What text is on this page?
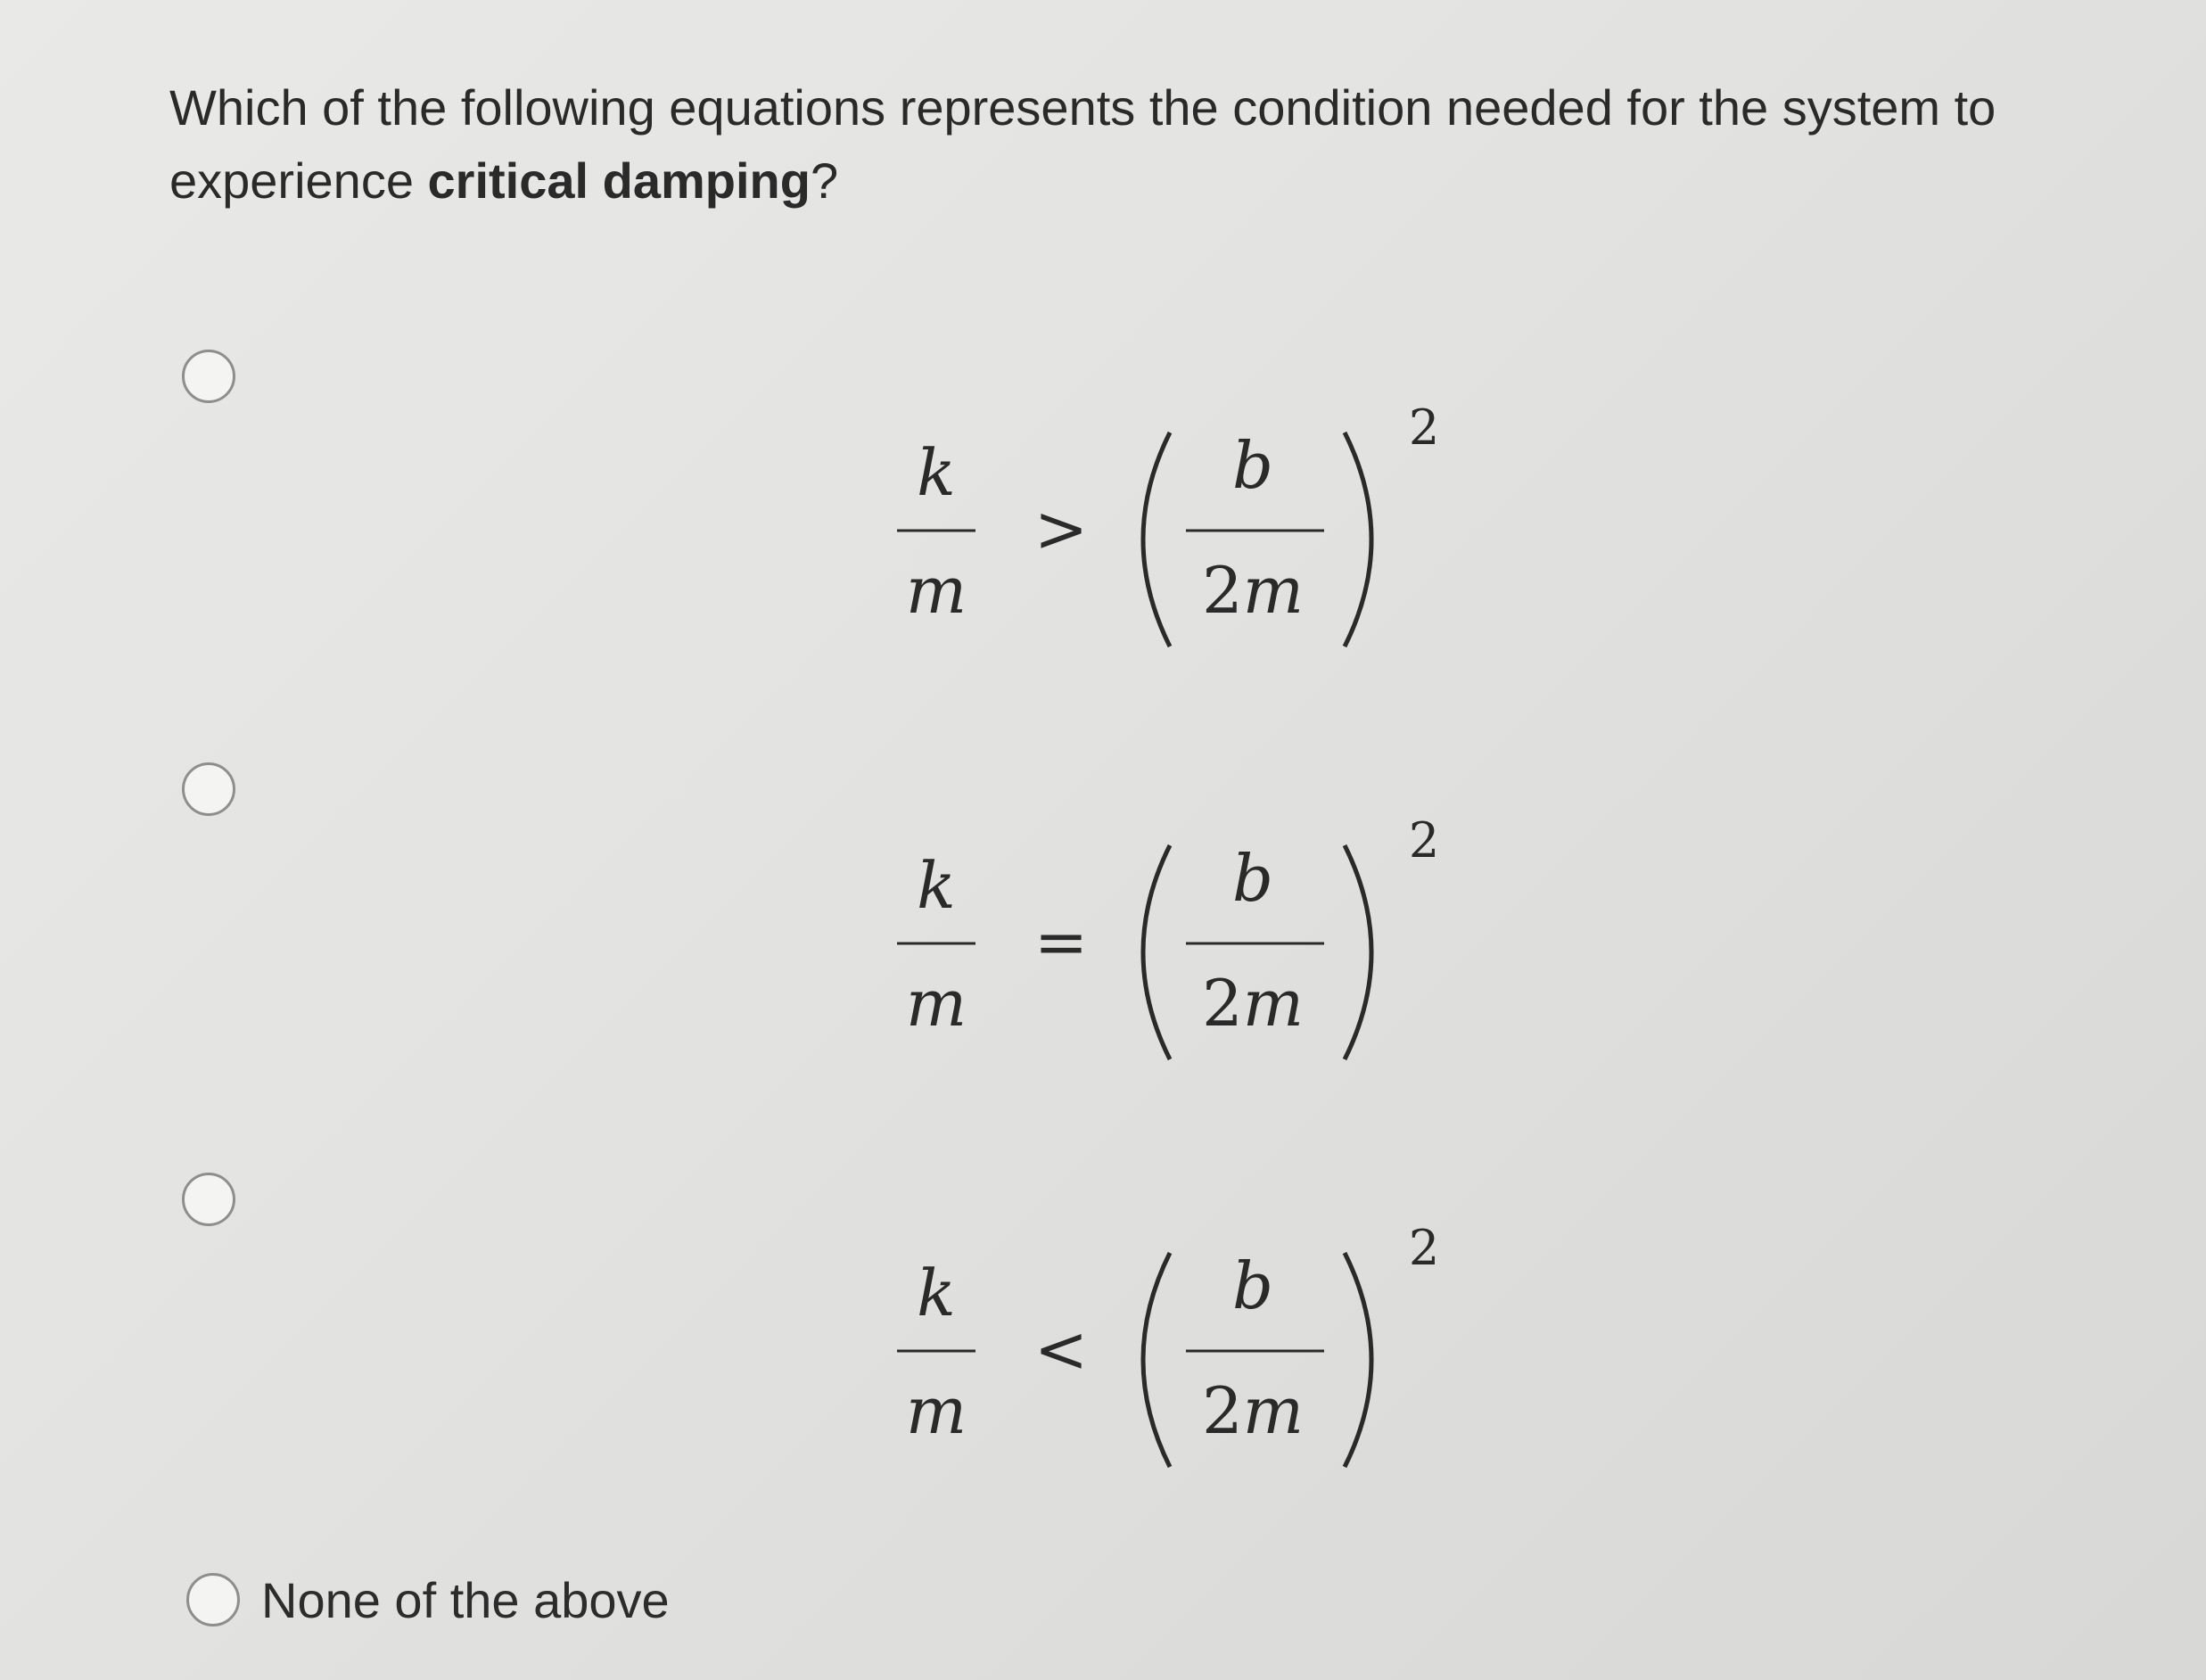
Which of the following equations represents the condition needed for the system to experience critical damping?
k
m
>
b
2m
2
k
m
=
b
2m
2
k
m
<
b
2m
2
None of the above
